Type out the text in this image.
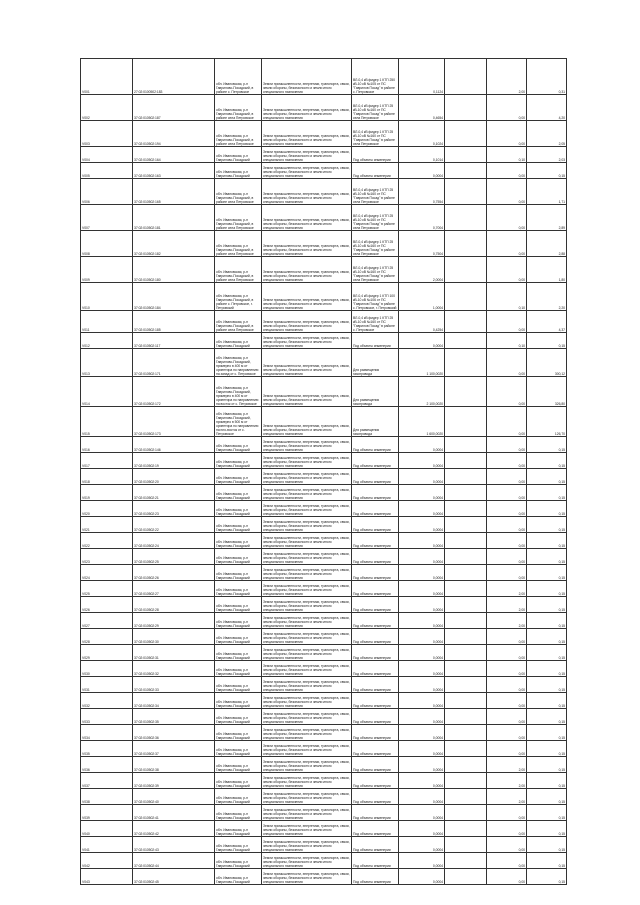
V001	27:02:0100502:183	обл. Ивановская, р-н Гаврилово-Посадский, в районе с. Петровское	Земли промышленности, энергетики, транспорта, связи, земли обороны, безопасности и земли иного специального назначения	ВЛ-0,4 кВ фидер 1 КТП 250 кВ-10 кВ №105 от ПС "Гаврилов Посад" в районе с. Петровское	0,1124		2,00	0,31
V002	37:02:010502:187	обл. Ивановская, р-н Гаврилово-Посадский, в районе села Петровское	Земли промышленности, энергетики, транспорта, связи, земли обороны, безопасности и земли иного специального назначения	ВЛ-0,4 кВ фидер 1 КТП 25 кВ-10 кВ №160 от ПС "Гаврилов Посад" в районе села Петровское	0,4654		0,00	4,20
V003	37:02:010502:194	обл. Ивановская, р-н Гаврилово-Посадский, в районе села Петровское	Земли промышленности, энергетики, транспорта, связи, земли обороны, безопасности и земли иного специального назначения	ВЛ-0,4 кВ фидер 1 КТП 25 кВ-10 кВ №160 от ПС "Гаврилов Посад" в районе села Петровское	0,1024		0,00	2,05
V004	37:02:010502:164	обл. Ивановская, р-н Гаврилово-Посадский	Земли промышленности, энергетики, транспорта, связи, земли обороны, безопасности и земли иного специального назначения	Под объекты инженерии	0,1014		0,10	2,03
V005	37:02:010502:163	обл. Ивановская, р-н Гаврилово-Посадский	Земли промышленности, энергетики, транспорта, связи, земли обороны, безопасности и земли иного специального назначения	Под объекты инженерии	0,0004		0,00	0,15
V006	37:02:010502:165	обл. Ивановская, р-н Гаврилово-Посадский, в районе села Петровское	Земли промышленности, энергетики, транспорта, связи, земли обороны, безопасности и земли иного специального назначения	ВЛ-0,4 кВ фидер 1 КТП 25 кВ-10 кВ №160 от ПС "Гаврилов Посад" в районе села Петровское	0,7554		0,00	1,71
V007	37:02:010502:181	обл. Ивановская, р-н Гаврилово-Посадский, в районе села Петровское	Земли промышленности, энергетики, транспорта, связи, земли обороны, безопасности и земли иного специального назначения	ВЛ-0,4 кВ фидер 1 КТП 25 кВ-10 кВ №160 от ПС "Гаврилов Посад" в районе села Петровское	0,7004		0,00	2,89
V008	37:02:010502:182	обл. Ивановская, р-н Гаврилово-Посадский, в районе села Петровское	Земли промышленности, энергетики, транспорта, связи, земли обороны, безопасности и земли иного специального назначения	ВЛ-0,4 кВ фидер 1 КТП 25 кВ-10 кВ №160 от ПС "Гаврилов Посад" в районе села Петровское	0,7504		0,00	2,88
V009	37:02:010502:180	обл. Ивановская, р-н Гаврилово-Посадский, в районе села Петровское	Земли промышленности, энергетики, транспорта, связи, земли обороны, безопасности и земли иного специального назначения	ВЛ-0,4 кВ фидер 1 КТП 25 кВ-10 кВ №160 от ПС "Гаврилов Посад" в районе села Петровское	2,0004		0,00	1,80
V010	37:02:010502:184	обл. Ивановская, р-н Гаврилово-Посадский, в районе с. Петровское, г. Петровский	Земли промышленности, энергетики, транспорта, связи, земли обороны, безопасности и земли иного специального назначения	ВЛ-0,4 кВ фидер 1 КТП 100 кВ-10 кВ №106 от ПС "Гаврилов Посад" в районе с. Петровское, г. Петровский	1,0004		0,10	2,20
V011	37:02:010502:185	обл. Ивановская, р-н Гаврилово-Посадский, в районе села Петровское	Земли промышленности, энергетики, транспорта, связи, земли обороны, безопасности и земли иного специального назначения	ВЛ-0,4 кВ фидер 1 КТП 25 кВ-10 кВ №160 от ПС "Гаврилов Посад" в районе с. Петровское	0,4254		0,00	4,37
V012	37:02:010502:117	обл. Ивановская, р-н Гаврилово-Посадский	Земли промышленности, энергетики, транспорта, связи, земли обороны, безопасности и земли иного специального назначения	Под объекты инженерии	0,0004		0,10	0,15
V013	37:02:010502:171	обл. Ивановская, р-н Гаврилово-Посадский, примерно в 400 м от ориентира по направлению на запад от с. Петровское	Земли промышленности, энергетики, транспорта, связи, земли обороны, безопасности и земли иного специального назначения	Для размещения газопровода	1 100,0020		0,00	300,12
V014	37:02:010502:172	обл. Ивановская, р-н Гаврилово-Посадский, примерно в 400 м от ориентира по направлению на восток от с. Петровское	Земли промышленности, энергетики, транспорта, связи, земли обороны, безопасности и земли иного специального назначения	Для размещения газопровода	2 100,0020		0,00	326,80
V015	37:02:010502:173	обл. Ивановская, р-н Гаврилово-Посадский, примерно в 500 м от ориентира по направлению на юго-восток от с. Петровское	Земли промышленности, энергетики, транспорта, связи, земли обороны, безопасности и земли иного специального назначения	Для размещения газопровода	1 600,0020		0,00	126,70
V016	37:02:010502:146	обл. Ивановская, р-н Гаврилово-Посадский	Земли промышленности, энергетики, транспорта, связи, земли обороны, безопасности и земли иного специального назначения	Под объекты инженерии	0,0004		0,00	0,15
V017	37:02:010502:19	обл. Ивановская, р-н Гаврилово-Посадский	Земли промышленности, энергетики, транспорта, связи, земли обороны, безопасности и земли иного специального назначения	Под объекты инженерии	0,0004		0,00	0,15
V018	37:02:010502:20	обл. Ивановская, р-н Гаврилово-Посадский	Земли промышленности, энергетики, транспорта, связи, земли обороны, безопасности и земли иного специального назначения	Под объекты инженерии	0,0004		0,00	0,15
V019	37:02:010502:21	обл. Ивановская, р-н Гаврилово-Посадский	Земли промышленности, энергетики, транспорта, связи, земли обороны, безопасности и земли иного специального назначения	Под объекты инженерии	0,0004		0,00	0,15
V020	37:02:010502:23	обл. Ивановская, р-н Гаврилово-Посадский	Земли промышленности, энергетики, транспорта, связи, земли обороны, безопасности и земли иного специального назначения	Под объекты инженерии	0,0004		0,00	0,15
V021	37:02:010502:22	обл. Ивановская, р-н Гаврилово-Посадский	Земли промышленности, энергетики, транспорта, связи, земли обороны, безопасности и земли иного специального назначения	Под объекты инженерии	0,0004		0,00	0,15
V022	37:02:010502:24	обл. Ивановская, р-н Гаврилово-Посадский	Земли промышленности, энергетики, транспорта, связи, земли обороны, безопасности и земли иного специального назначения	Под объекты инженерии	0,0004		0,00	0,15
V023	37:02:010502:25	обл. Ивановская, р-н Гаврилово-Посадский	Земли промышленности, энергетики, транспорта, связи, земли обороны, безопасности и земли иного специального назначения	Под объекты инженерии	0,0004		0,00	0,15
V024	37:02:010502:26	обл. Ивановская, р-н Гаврилово-Посадский	Земли промышленности, энергетики, транспорта, связи, земли обороны, безопасности и земли иного специального назначения	Под объекты инженерии	0,0004		0,00	0,15
V025	37:02:010502:27	обл. Ивановская, р-н Гаврилово-Посадский	Земли промышленности, энергетики, транспорта, связи, земли обороны, безопасности и земли иного специального назначения	Под объекты инженерии	0,0004		2,00	0,15
V026	37:02:010502:28	обл. Ивановская, р-н Гаврилово-Посадский	Земли промышленности, энергетики, транспорта, связи, земли обороны, безопасности и земли иного специального назначения	Под объекты инженерии	0,0004		2,00	0,15
V027	37:02:010502:29	обл. Ивановская, р-н Гаврилово-Посадский	Земли промышленности, энергетики, транспорта, связи, земли обороны, безопасности и земли иного специального назначения	Под объекты инженерии	0,0004		2,00	0,15
V028	37:02:010502:30	обл. Ивановская, р-н Гаврилово-Посадский	Земли промышленности, энергетики, транспорта, связи, земли обороны, безопасности и земли иного специального назначения	Под объекты инженерии	0,0004		0,00	0,15
V029	37:02:010502:31	обл. Ивановская, р-н Гаврилово-Посадский	Земли промышленности, энергетики, транспорта, связи, земли обороны, безопасности и земли иного специального назначения	Под объекты инженерии	0,0004		0,00	0,15
V030	37:02:010502:32	обл. Ивановская, р-н Гаврилово-Посадский	Земли промышленности, энергетики, транспорта, связи, земли обороны, безопасности и земли иного специального назначения	Под объекты инженерии	0,0004		0,00	0,15
V031	37:02:010502:33	обл. Ивановская, р-н Гаврилово-Посадский	Земли промышленности, энергетики, транспорта, связи, земли обороны, безопасности и земли иного специального назначения	Под объекты инженерии	0,0004		0,00	0,15
V032	37:02:010502:34	обл. Ивановская, р-н Гаврилово-Посадский	Земли промышленности, энергетики, транспорта, связи, земли обороны, безопасности и земли иного специального назначения	Под объекты инженерии	0,0004		0,00	0,15
V033	37:02:010502:35	обл. Ивановская, р-н Гаврилово-Посадский	Земли промышленности, энергетики, транспорта, связи, земли обороны, безопасности и земли иного специального назначения	Под объекты инженерии	0,0004		0,00	0,15
V034	37:02:010502:36	обл. Ивановская, р-н Гаврилово-Посадский	Земли промышленности, энергетики, транспорта, связи, земли обороны, безопасности и земли иного специального назначения	Под объекты инженерии	0,0004		0,00	0,15
V035	37:02:010502:37	обл. Ивановская, р-н Гаврилово-Посадский	Земли промышленности, энергетики, транспорта, связи, земли обороны, безопасности и земли иного специального назначения	Под объекты инженерии	0,0004		0,00	0,15
V036	37:02:010502:38	обл. Ивановская, р-н Гаврилово-Посадский	Земли промышленности, энергетики, транспорта, связи, земли обороны, безопасности и земли иного специального назначения	Под объекты инженерии	0,0004		2,00	0,15
V037	37:02:010502:39	обл. Ивановская, р-н Гаврилово-Посадский	Земли промышленности, энергетики, транспорта, связи, земли обороны, безопасности и земли иного специального назначения	Под объекты инженерии	0,0004		2,00	0,15
V038	37:02:010502:40	обл. Ивановская, р-н Гаврилово-Посадский	Земли промышленности, энергетики, транспорта, связи, земли обороны, безопасности и земли иного специального назначения	Под объекты инженерии	0,0004		2,00	0,15
V039	37:02:010502:41	обл. Ивановская, р-н Гаврилово-Посадский	Земли промышленности, энергетики, транспорта, связи, земли обороны, безопасности и земли иного специального назначения	Под объекты инженерии	0,0004		0,00	0,15
V040	37:02:010502:42	обл. Ивановская, р-н Гаврилово-Посадский	Земли промышленности, энергетики, транспорта, связи, земли обороны, безопасности и земли иного специального назначения	Под объекты инженерии	0,0004		0,00	0,15
V041	37:02:010502:43	обл. Ивановская, р-н Гаврилово-Посадский	Земли промышленности, энергетики, транспорта, связи, земли обороны, безопасности и земли иного специального назначения	Под объекты инженерии	0,0004		0,00	0,15
V042	37:02:010502:44	обл. Ивановская, р-н Гаврилово-Посадский	Земли промышленности, энергетики, транспорта, связи, земли обороны, безопасности и земли иного специального назначения	Под объекты инженерии	0,0004		0,00	0,15
V043	37:02:010502:45	обл. Ивановская, р-н Гаврилово-Посадский	Земли промышленности, энергетики, транспорта, связи, земли обороны, безопасности и земли иного специального назначения	Под объекты инженерии	0,0004		0,00	0,15
